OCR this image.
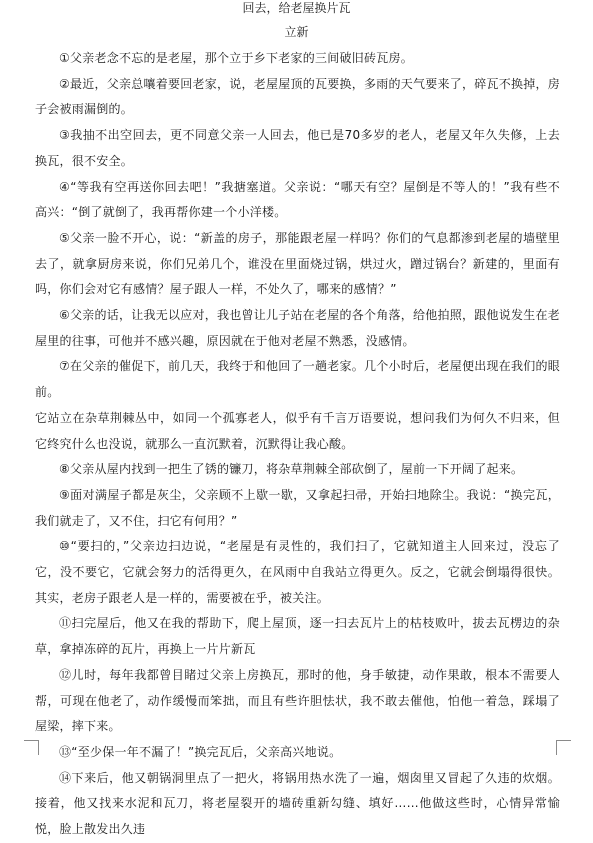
回去，给老屋换片瓦
立新

①父亲老念不忘的是老屋，那个立于乡下老家的三间破旧砖瓦房。

②最近，父亲总嚷着要回老家，说，老屋屋顶的瓦要换，多雨的天气要来了，碎瓦不换掉，房子会被雨漏倒的。

③我抽不出空回去，更不同意父亲一人回去，他已是70多岁的老人，老屋又年久失修，上去换瓦，很不安全。

④“等我有空再送你回去吧！”我搪塞道。父亲说：“哪天有空？屋倒是不等人的！”我有些不高兴：“倒了就倒了，我再帮你建一个小洋楼。

⑤父亲一脸不开心，说：“新盖的房子，那能跟老屋一样吗？你们的气息都渗到老屋的墙壁里去了，就拿厨房来说，你们兄弟几个，谁没在里面烧过锅，烘过火，蹭过锅台？新建的，里面有吗，你们会对它有感情？屋子跟人一样，不处久了，哪来的感情？”

⑥父亲的话，让我无以应对，我也曾让儿子站在老屋的各个角落，给他拍照，跟他说发生在老屋里的往事，可他并不感兴趣，原因就在于他对老屋不熟悉，没感情。

⑦在父亲的催促下，前几天，我终于和他回了一趟老家。几个小时后，老屋便出现在我们的眼前。

它站立在杂草荆棘丛中，如同一个孤寡老人，似乎有千言万语要说，想问我们为何久不归来，但它终究什么也没说，就那么一直沉默着，沉默得让我心酸。

⑧父亲从屋内找到一把生了锈的镰刀，将杂草荆棘全部砍倒了，屋前一下开阔了起来。

⑨面对满屋子都是灰尘，父亲顾不上歇一歇，又拿起扫帚，开始扫地除尘。我说：“换完瓦，我们就走了，又不住，扫它有何用？”

⑩“要扫的，”父亲边扫边说，“老屋是有灵性的，我们扫了，它就知道主人回来过，没忘了它，没不要它，它就会努力的活得更久，在风雨中自我站立得更久。反之，它就会倒塌得很快。其实，老房子跟老人是一样的，需要被在乎，被关注。

⑪扫完屋后，他又在我的帮助下，爬上屋顶，逐一扫去瓦片上的枯枝败叶，拔去瓦楞边的杂草，拿掉冻碎的瓦片，再换上一片片新瓦

⑫儿时，每年我都曾目睹过父亲上房换瓦，那时的他，身手敏捷，动作果敢，根本不需要人帮，可现在他老了，动作缓慢而笨拙，而且有些许胆怯状，我不敢去催他，怕他一着急，踩塌了屋梁，摔下来。

⑬“至少保一年不漏了！”换完瓦后，父亲高兴地说。

⑭下来后，他又朝锅洞里点了一把火，将锅用热水洗了一遍，烟囱里又冒起了久违的炊烟。接着，他又找来水泥和瓦刀，将老屋裂开的墙砖重新勾缝、填好……他做这些时，心情异常愉悦，脸上散发出久违
